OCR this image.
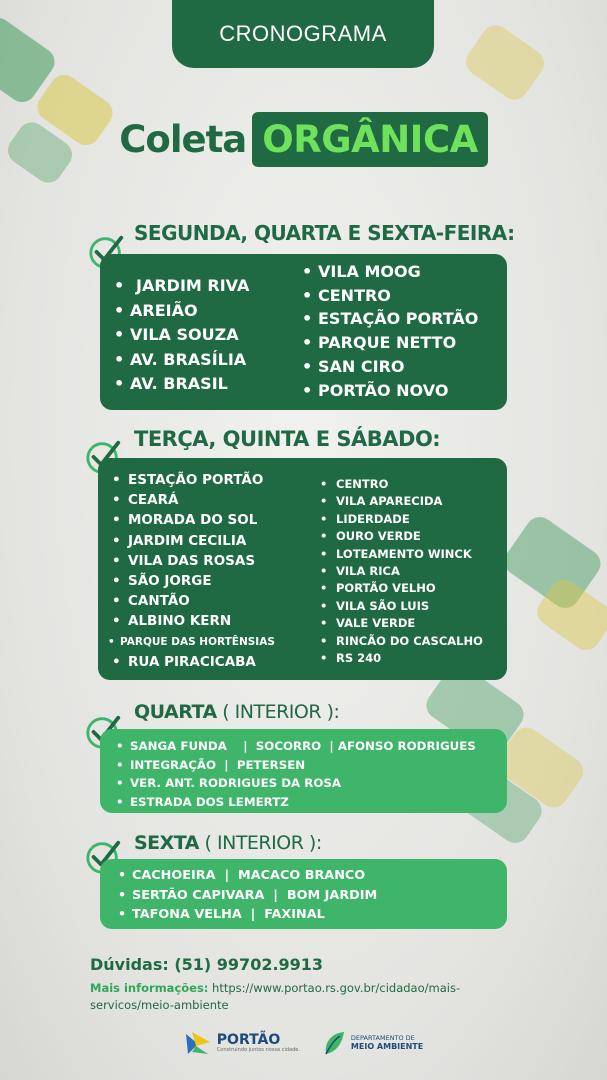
CRONOGRAMA
Coleta ORGÂNICA
SEGUNDA, QUARTA E SEXTA-FEIRA:
• JARDIM RIVA
• AREIÃO
• VILA SOUZA
• AV. BRASÍLIA
• AV. BRASIL
• VILA MOOG
• CENTRO
• ESTAÇÃO PORTÃO
• PARQUE NETTO
• SAN CIRO
• PORTÃO NOVO
TERÇA, QUINTA E SÁBADO:
• ESTAÇÃO PORTÃO
• CEARÁ
• MORADA DO SOL
• JARDIM CECILIA
• VILA DAS ROSAS
• SÃO JORGE
• CANTÃO
• ALBINO KERN
• PARQUE DAS HORTÊNSIAS
• RUA PIRACICABA
• CENTRO
• VILA APARECIDA
• LIDERDADE
• OURO VERDE
• LOTEAMENTO WINCK
• VILA RICA
• PORTÃO VELHO
• VILA SÃO LUIS
• VALE VERDE
• RINCÃO DO CASCALHO
• RS 240
QUARTA ( INTERIOR ):
• SANGA FUNDA    |  SOCORRO  | AFONSO RODRIGUES
• INTEGRAÇÃO  |  PETERSEN
• VER. ANT. RODRIGUES DA ROSA
• ESTRADA DOS LEMERTZ
SEXTA ( INTERIOR ):
• CACHOEIRA  |  MACACO BRANCO
• SERTÃO CAPIVARA  |  BOM JARDIM
• TAFONA VELHA  |  FAXINAL
Dúvidas: (51) 99702.9913
Mais informações: https://www.portao.rs.gov.br/cidadao/mais-servicos/meio-ambiente
PORTÃO
Construindo juntos nossa cidade.
DEPARTAMENTO DE
MEIO AMBIENTE
